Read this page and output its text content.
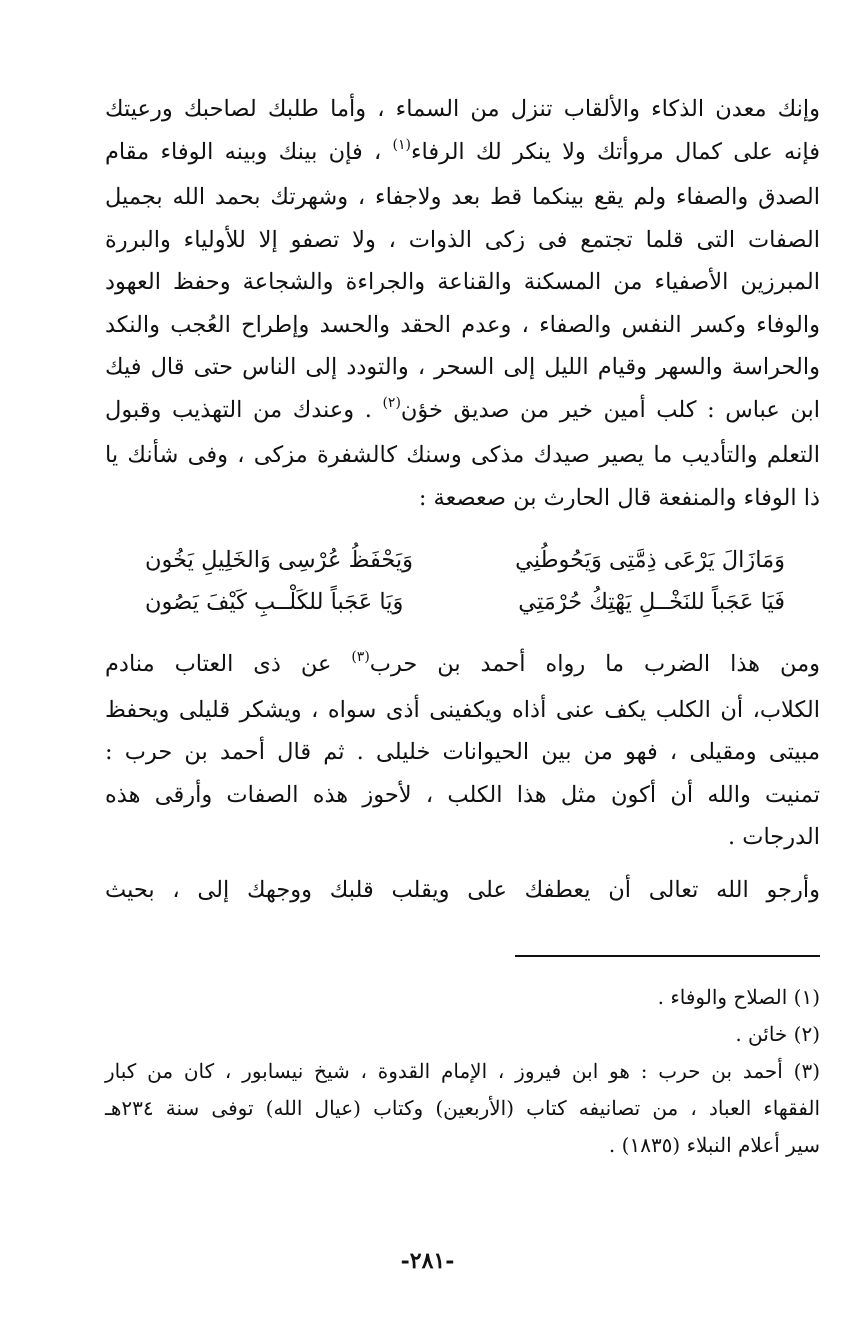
وإنك معدن الذكاء والألقاب تنزل من السماء ، وأما طلبك لصاحبك ورعيتك
فإنه على كمال مروأتك ولا ينكر لك الرفاء$^{(١)}$ ، فإن بينك وبينه الوفاء مقام
الصدق والصفاء ولم يقع بينكما قط بعد ولاجفاء ، وشهرتك بحمد الله بجميل
الصفات التى قلما تجتمع فى زكى الذوات ، ولا تصفو إلا للأولياء والبررة
المبرزين الأصفياء من المسكنة والقناعة والجراءة والشجاعة وحفظ العهود
والوفاء وكسر النفس والصفاء ، وعدم الحقد والحسد وإطراح العُجب والنكد
والحراسة والسهر وقيام الليل إلى السحر ، والتودد إلى الناس حتى قال فيك
ابن عباس : كلب أمين خير من صديق خؤن$^{(٢)}$ . وعندك من التهذيب وقبول
التعلم والتأديب ما يصير صيدك مذكى وسنك كالشفرة مزكى ، وفى شأنك يا
ذا الوفاء والمنفعة قال الحارث بن صعصعة :
وَمَازَالَ يَرْعَى ذِمَّتِى وَيَحُوطُنِي
وَيَحْفَظُ عُرْسِى وَالخَلِيلِ يَخُون
فَيَا عَجَباً للنَخْــلِ يَهْتِكُ حُرْمَتِي
وَيَا عَجَباً للكَلْــبِ كَيْفَ يَصُون
ومن هذا الضرب ما رواه أحمد بن حرب$^{(٣)}$ عن ذى العتاب منادم
الكلاب، أن الكلب يكف عنى أذاه ويكفينى أذى سواه ، ويشكر قليلى ويحفظ
مبيتى ومقيلى ، فهو من بين الحيوانات خليلى . ثم قال أحمد بن حرب :
تمنيت والله أن أكون مثل هذا الكلب ، لأحوز هذه الصفات وأرقى هذه
الدرجات .
وأرجو الله تعالى أن يعطفك على ويقلب قلبك ووجهك إلى ، بحيث
(١) الصلاح والوفاء .
(٢) خائن .
(٣) أحمد بن حرب : هو ابن فيروز ، الإمام القدوة ، شيخ نيسابور ، كان من كبار
الفقهاء العباد ، من تصانيفه كتاب (الأربعين) وكتاب (عيال الله) توفى سنة ٢٣٤هـ
سير أعلام النبلاء (١٨٣٥) .
-٢٨١-
